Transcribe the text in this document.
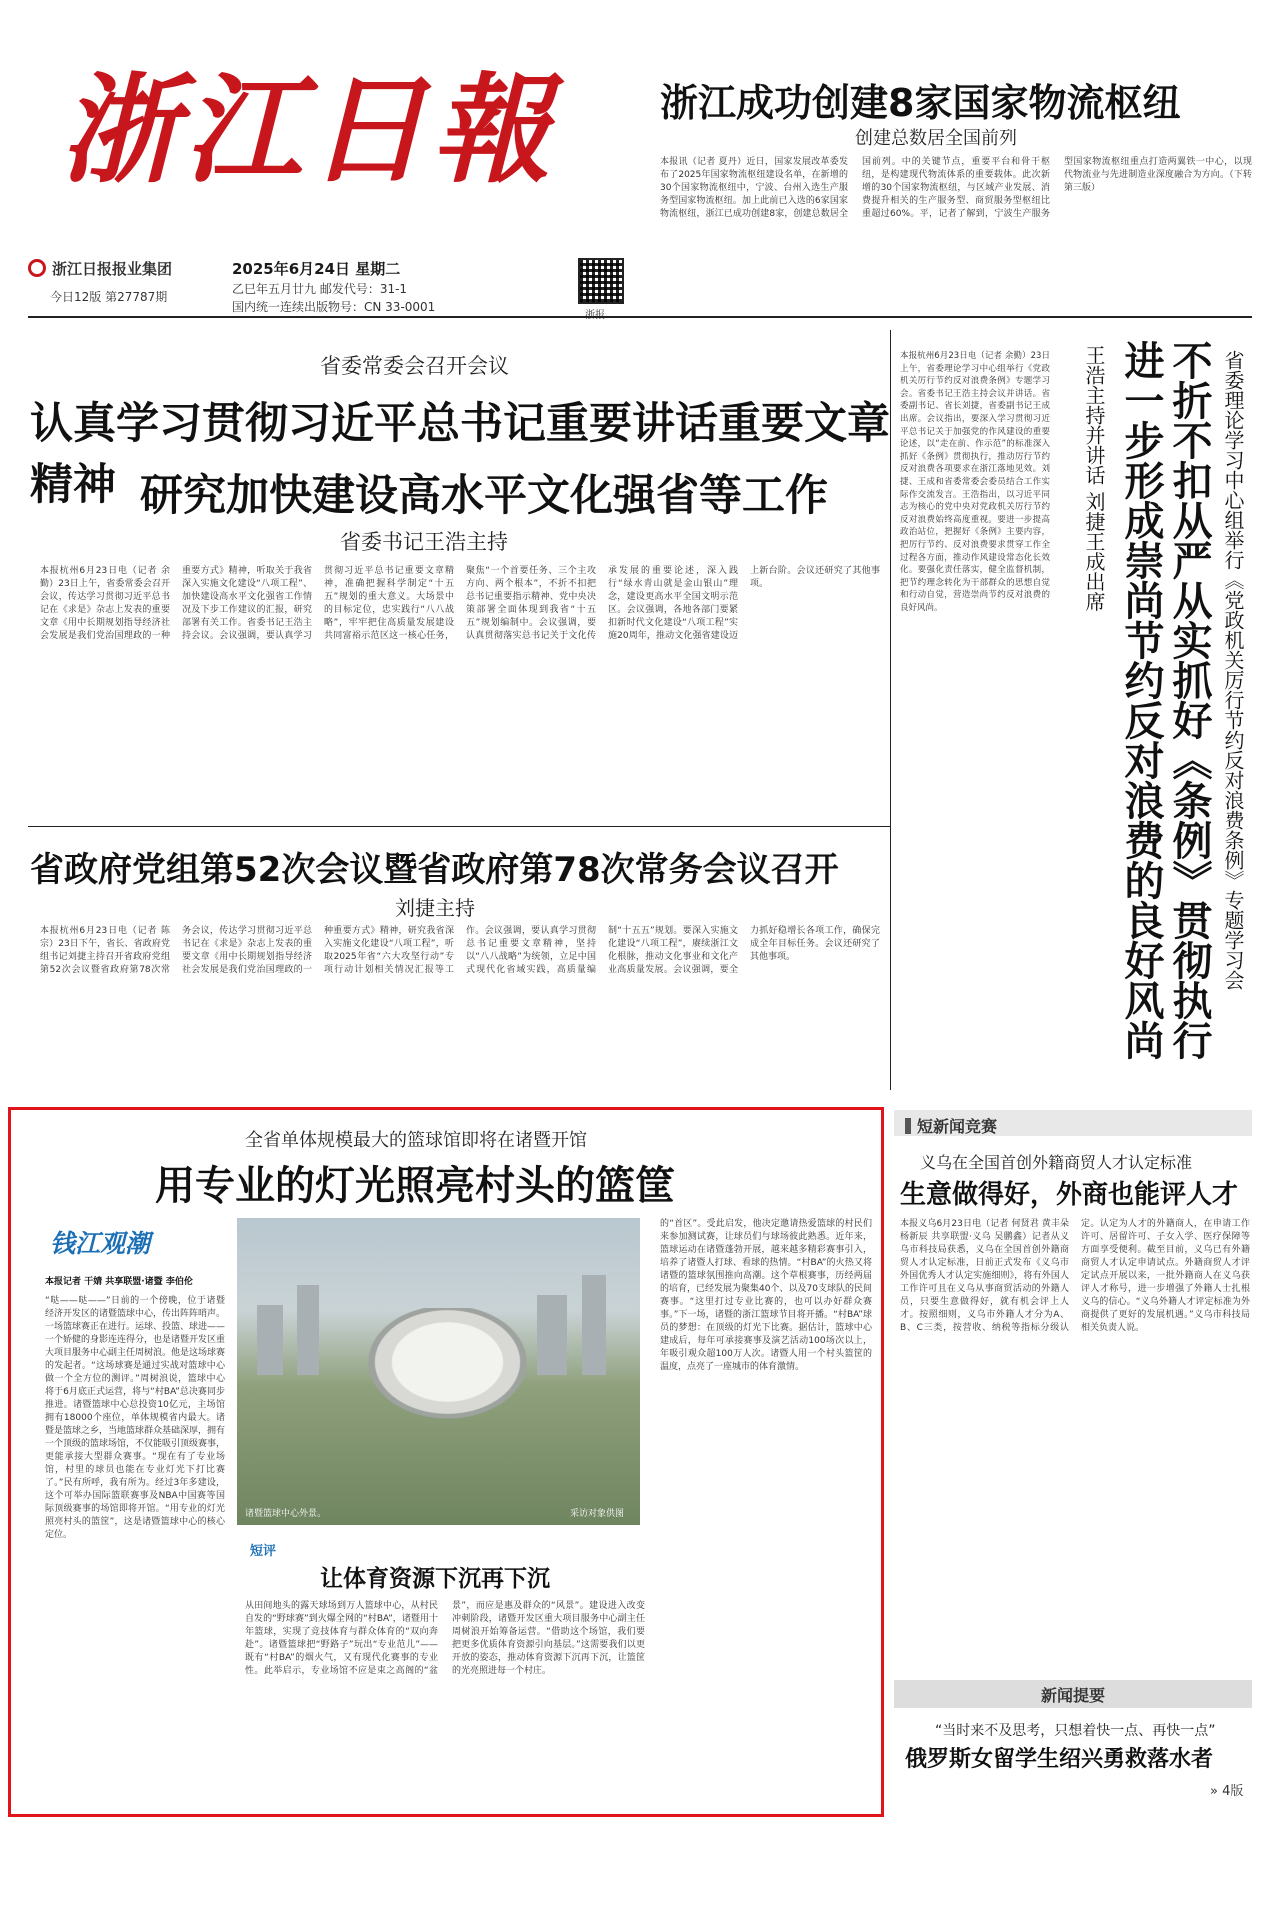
浙江日報
浙江日报报业集团
今日12版 第27787期
2025年6月24日 星期二
乙巳年五月廿九 邮发代号：31-1
国内统一连续出版物号：CN 33-0001
浙江成功创建8家国家物流枢纽
创建总数居全国前列
本报讯（记者 夏丹）近日，国家发展改革委发布了2025年国家物流枢纽建设名单，在新增的30个国家物流枢纽中，宁波、台州入选生产服务型国家物流枢纽。加上此前已入选的6家国家物流枢纽，浙江已成功创建8家，创建总数居全国前列。中的关键节点，重要平台和骨干枢纽，是构建现代物流体系的重要载体。此次新增的30个国家物流枢纽，与区域产业发展、消费提升相关的生产服务型、商贸服务型枢纽比重超过60%。平，记者了解到，宁波生产服务型国家物流枢纽重点打造两翼铁一中心，以现代物流业与先进制造业深度融合为方向。（下转第三版）
省委常委会召开会议
认真学习贯彻习近平总书记重要讲话重要文章精神 研究加快建设高水平文化强省等工作
省委书记王浩主持
本报杭州6月23日电（记者 余勤）23日上午，省委常委会召开会议，传达学习贯彻习近平总书记在《求是》杂志上发表的重要文章《用中长期规划指导经济社会发展是我们党治国理政的一种重要方式》精神，听取关于我省深入实施文化建设“八项工程”、加快建设高水平文化强省工作情况及下步工作建议的汇报，研究部署有关工作。省委书记王浩主持会议。会议强调，要认真学习贯彻习近平总书记重要文章精神，准确把握科学制定“十五五”规划的重大意义。大场景中的目标定位，忠实践行“八八战略”，牢牢把住高质量发展建设共同富裕示范区这一核心任务，聚焦“一个首要任务、三个主攻方向、两个根本”，不折不扣把总书记重要指示精神、党中央决策部署全面体现到我省“十五五”规划编制中。会议强调，要认真贯彻落实总书记关于文化传承发展的重要论述，深入践行“绿水青山就是金山银山”理念，建设更高水平全国文明示范区。会议强调，各地各部门要紧扣新时代文化建设“八项工程”实施20周年，推动文化强省建设迈上新台阶。会议还研究了其他事项。
省政府党组第52次会议暨省政府第78次常务会议召开
刘捷主持
本报杭州6月23日电（记者 陈宗）23日下午，省长、省政府党组书记刘捷主持召开省政府党组第52次会议暨省政府第78次常务会议，传达学习贯彻习近平总书记在《求是》杂志上发表的重要文章《用中长期规划指导经济社会发展是我们党治国理政的一种重要方式》精神，研究我省深入实施文化建设“八项工程”，听取2025年省“六大攻坚行动”专项行动计划相关情况汇报等工作。会议强调，要认真学习贯彻总书记重要文章精神，坚持以“八八战略”为统领，立足中国式现代化省域实践，高质量编制“十五五”规划。要深入实施文化建设“八项工程”，赓续浙江文化根脉，推动文化事业和文化产业高质量发展。会议强调，要全力抓好稳增长各项工作，确保完成全年目标任务。会议还研究了其他事项。
本报杭州6月23日电（记者 余勤）23日上午，省委理论学习中心组举行《党政机关厉行节约反对浪费条例》专题学习会。省委书记王浩主持会议并讲话。省委副书记、省长刘捷，省委副书记王成出席。会议指出，要深入学习贯彻习近平总书记关于加强党的作风建设的重要论述，以“走在前、作示范”的标准深入抓好《条例》贯彻执行，推动厉行节约反对浪费各项要求在浙江落地见效。刘捷、王成和省委常委会委员结合工作实际作交流发言。王浩指出，以习近平同志为核心的党中央对党政机关厉行节约反对浪费始终高度重视。要进一步提高政治站位，把握好《条例》主要内容，把厉行节约、反对浪费要求贯穿工作全过程各方面，推动作风建设常态化长效化。要强化责任落实，健全监督机制，把节约理念转化为干部群众的思想自觉和行动自觉，营造崇尚节约反对浪费的良好风尚。	王浩主持并讲话 刘捷王成出席 进一步形成崇尚节约反对浪费的良好风尚 不折不扣从严从实抓好《条例》贯彻执行 省委理论学习中心组举行《党政机关厉行节约反对浪费条例》专题学习会
全省单体规模最大的篮球馆即将在诸暨开馆
用专业的灯光照亮村头的篮筐
钱江观潮
本报记者 干婧 共享联盟·诸暨 李伯伦
“哒——哒——”日前的一个傍晚，位于诸暨经济开发区的诸暨篮球中心，传出阵阵哨声。一场篮球赛正在进行。运球、投篮、球进——一个娇健的身影连连得分，也是诸暨开发区重大项目服务中心副主任周树浪。他是这场球赛的发起者。“这场球赛是通过实战对篮球中心做一个全方位的测评。”周树浪说，篮球中心将于6月底正式运营，将与“村BA”总决赛同步推进。诸暨篮球中心总投资10亿元，主场馆拥有18000个座位，单体规模省内最大。诸暨是篮球之乡，当地篮球群众基础深厚，拥有一个顶级的篮球场馆，不仅能吸引顶级赛事，更能承接大型群众赛事。“现在有了专业场馆，村里的球员也能在专业灯光下打比赛了。”民有所呼，我有所为。经过3年多建设，这个可举办国际篮联赛事及NBA中国赛等国际顶级赛事的场馆即将开馆。“用专业的灯光照亮村头的篮筐”，这是诸暨篮球中心的核心定位。
诸暨篮球中心外景。	采访对象供图
的“首区”。受此启发，他决定邀请热爱篮球的村民们来参加测试赛，让球员们与球场彼此熟悉。近年来，篮球运动在诸暨蓬勃开展，越来越多精彩赛事引入，培养了诸暨人打球、看球的热情。“村BA”的火热又将诸暨的篮球氛围推向高潮。这个草根赛事，历经两届的培育，已经发展为聚集40个、以及70支球队的民间赛事。“这里打过专业比赛的，也可以办好群众赛事。”下一场，诸暨的浙江篮球节目将开播。“村BA”球员的梦想：在顶级的灯光下比赛。据估计，篮球中心建成后，每年可承接赛事及演艺活动100场次以上，年吸引观众超100万人次。诸暨人用一个村头篮筐的温度，点亮了一座城市的体育激情。
短评
让体育资源下沉再下沉
从田间地头的露天球场到万人篮球中心，从村民自发的“野球赛”到火爆全网的“村BA”，诸暨用十年篮球，实现了竞技体育与群众体育的“双向奔赴”。诸暨篮球把“野路子”玩出“专业范儿”——既有“村BA”的烟火气，又有现代化赛事的专业性。此举启示，专业场馆不应是束之高阁的“盆景”，而应是惠及群众的“风景”。建设进入改变冲刺阶段，诸暨开发区重大项目服务中心副主任周树浪开始筹备运营。“借助这个场馆，我们要把更多优质体育资源引向基层。”这需要我们以更开放的姿态，推动体育资源下沉再下沉，让篮筐的光亮照进每一个村庄。
短新闻竞赛
义乌在全国首创外籍商贸人才认定标准
生意做得好，外商也能评人才
本报义乌6月23日电（记者 何贤君 黄丰朵 杨新辰 共享联盟·义乌 吴鹏鑫）记者从义乌市科技局获悉，义乌在全国首创外籍商贸人才认定标准，日前正式发布《义乌市外国优秀人才认定实施细则》，将有外国人工作许可且在义乌从事商贸活动的外籍人员，只要生意做得好，就有机会评上人才。按照细则，义乌市外籍人才分为A、B、C三类，按营收、纳税等指标分级认定。认定为人才的外籍商人，在申请工作许可、居留许可、子女入学、医疗保障等方面享受便利。截至目前，义乌已有外籍商贸人才认定申请试点。外籍商贸人才评定试点开展以来，一批外籍商人在义乌获评人才称号，进一步增强了外籍人士扎根义乌的信心。“义乌外籍人才评定标准为外商提供了更好的发展机遇。”义乌市科技局相关负责人说。
新闻提要
“当时来不及思考，只想着快一点、再快一点”
俄罗斯女留学生绍兴勇救落水者
» 4版
